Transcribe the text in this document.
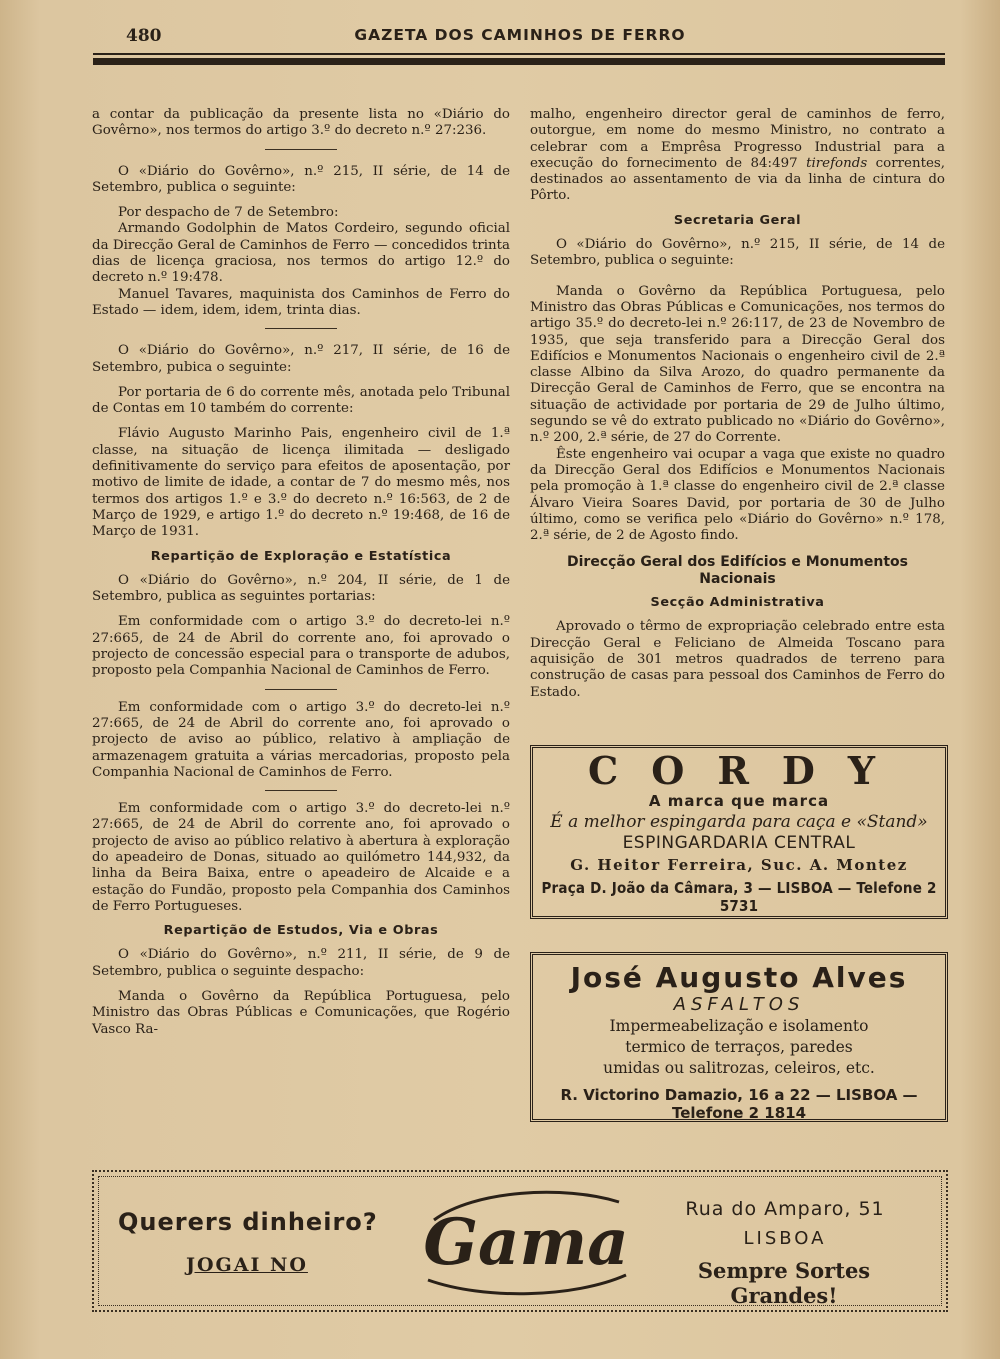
480	GAZETA DOS CAMINHOS DE FERRO

a contar da publicação da presente lista no «Diário do Govêrno», nos termos do artigo 3.º do decreto n.º 27:236.

O «Diário do Govêrno», n.º 215, II série, de 14 de Setembro, publica o seguinte:

Por despacho de 7 de Setembro:

Armando Godolphin de Matos Cordeiro, segundo oficial da Direcção Geral de Caminhos de Ferro — concedidos trinta dias de licença graciosa, nos termos do artigo 12.º do decreto n.º 19:478.

Manuel Tavares, maquinista dos Caminhos de Ferro do Estado — idem, idem, idem, trinta dias.

O «Diário do Govêrno», n.º 217, II série, de 16 de Setembro, pubica o seguinte:

Por portaria de 6 do corrente mês, anotada pelo Tribunal de Contas em 10 também do corrente:

Flávio Augusto Marinho Pais, engenheiro civil de 1.ª classe, na situação de licença ilimitada — desligado definitivamente do serviço para efeitos de aposentação, por motivo de limite de idade, a contar de 7 do mesmo mês, nos termos dos artigos 1.º e 3.º do decreto n.º 16:563, de 2 de Março de 1929, e artigo 1.º do decreto n.º 19:468, de 16 de Março de 1931.

Repartição de Exploração e Estatística

O «Diário do Govêrno», n.º 204, II série, de 1 de Setembro, publica as seguintes portarias:

Em conformidade com o artigo 3.º do decreto-lei n.º 27:665, de 24 de Abril do corrente ano, foi aprovado o projecto de concessão especial para o transporte de adubos, proposto pela Companhia Nacional de Caminhos de Ferro.

Em conformidade com o artigo 3.º do decreto-lei n.º 27:665, de 24 de Abril do corrente ano, foi aprovado o projecto de aviso ao público, relativo à ampliação de armazenagem gratuita a várias mercadorias, proposto pela Companhia Nacional de Caminhos de Ferro.

Em conformidade com o artigo 3.º do decreto-lei n.º 27:665, de 24 de Abril do corrente ano, foi aprovado o projecto de aviso ao público relativo à abertura à exploração do apeadeiro de Donas, situado ao quilómetro 144,932, da linha da Beira Baixa, entre o apeadeiro de Alcaide e a estação do Fundão, proposto pela Companhia dos Caminhos de Ferro Portugueses.

Repartição de Estudos, Via e Obras

O «Diário do Govêrno», n.º 211, II série, de 9 de Setembro, publica o seguinte despacho:

Manda o Govêrno da República Portuguesa, pelo Ministro das Obras Públicas e Comunicações, que Rogério Vasco Ra-

malho, engenheiro director geral de caminhos de ferro, outorgue, em nome do mesmo Ministro, no contrato a celebrar com a Emprêsa Progresso Industrial para a execução do fornecimento de 84:497 tirefonds correntes, destinados ao assentamento de via da linha de cintura do Pôrto.

Secretaria Geral

O «Diário do Govêrno», n.º 215, II série, de 14 de Setembro, publica o seguinte:

Manda o Govêrno da República Portuguesa, pelo Ministro das Obras Públicas e Comunicações, nos termos do artigo 35.º do decreto-lei n.º 26:117, de 23 de Novembro de 1935, que seja transferido para a Direcção Geral dos Edifícios e Monumentos Nacionais o engenheiro civil de 2.ª classe Albino da Silva Arozo, do quadro permanente da Direcção Geral de Caminhos de Ferro, que se encontra na situação de actividade por portaria de 29 de Julho último, segundo se vê do extrato publicado no «Diário do Govêrno», n.º 200, 2.ª série, de 27 do Corrente.

Êste engenheiro vai ocupar a vaga que existe no quadro da Direcção Geral dos Edifícios e Monumentos Nacionais pela promoção à 1.ª classe do engenheiro civil de 2.ª classe Álvaro Vieira Soares David, por portaria de 30 de Julho último, como se verifica pelo «Diário do Govêrno» n.º 178, 2.ª série, de 2 de Agosto findo.

Direcção Geral dos Edifícios e Monumentos Nacionais
Secção Administrativa

Aprovado o têrmo de expropriação celebrado entre esta Direcção Geral e Feliciano de Almeida Toscano para aquisição de 301 metros quadrados de terreno para construção de casas para pessoal dos Caminhos de Ferro do Estado.

CORDY
A marca que marca
É a melhor espingarda para caça e «Stand»
ESPINGARDARIA CENTRAL
G. Heitor Ferreira, Suc. A. Montez
Praça D. João da Câmara, 3 — LISBOA — Telefone 2 5731
José Augusto Alves
ASFALTOS
Impermeabelização e isolamento
termico de terraços, paredes
umidas ou salitrozas, celeiros, etc.
R. Victorino Damazio, 16 a 22 — LISBOA — Telefone 2 1814
Querers dinheiro?
JOGAI NO Gama	Rua do Amparo, 51
LISBOA
Sempre Sortes Grandes!
